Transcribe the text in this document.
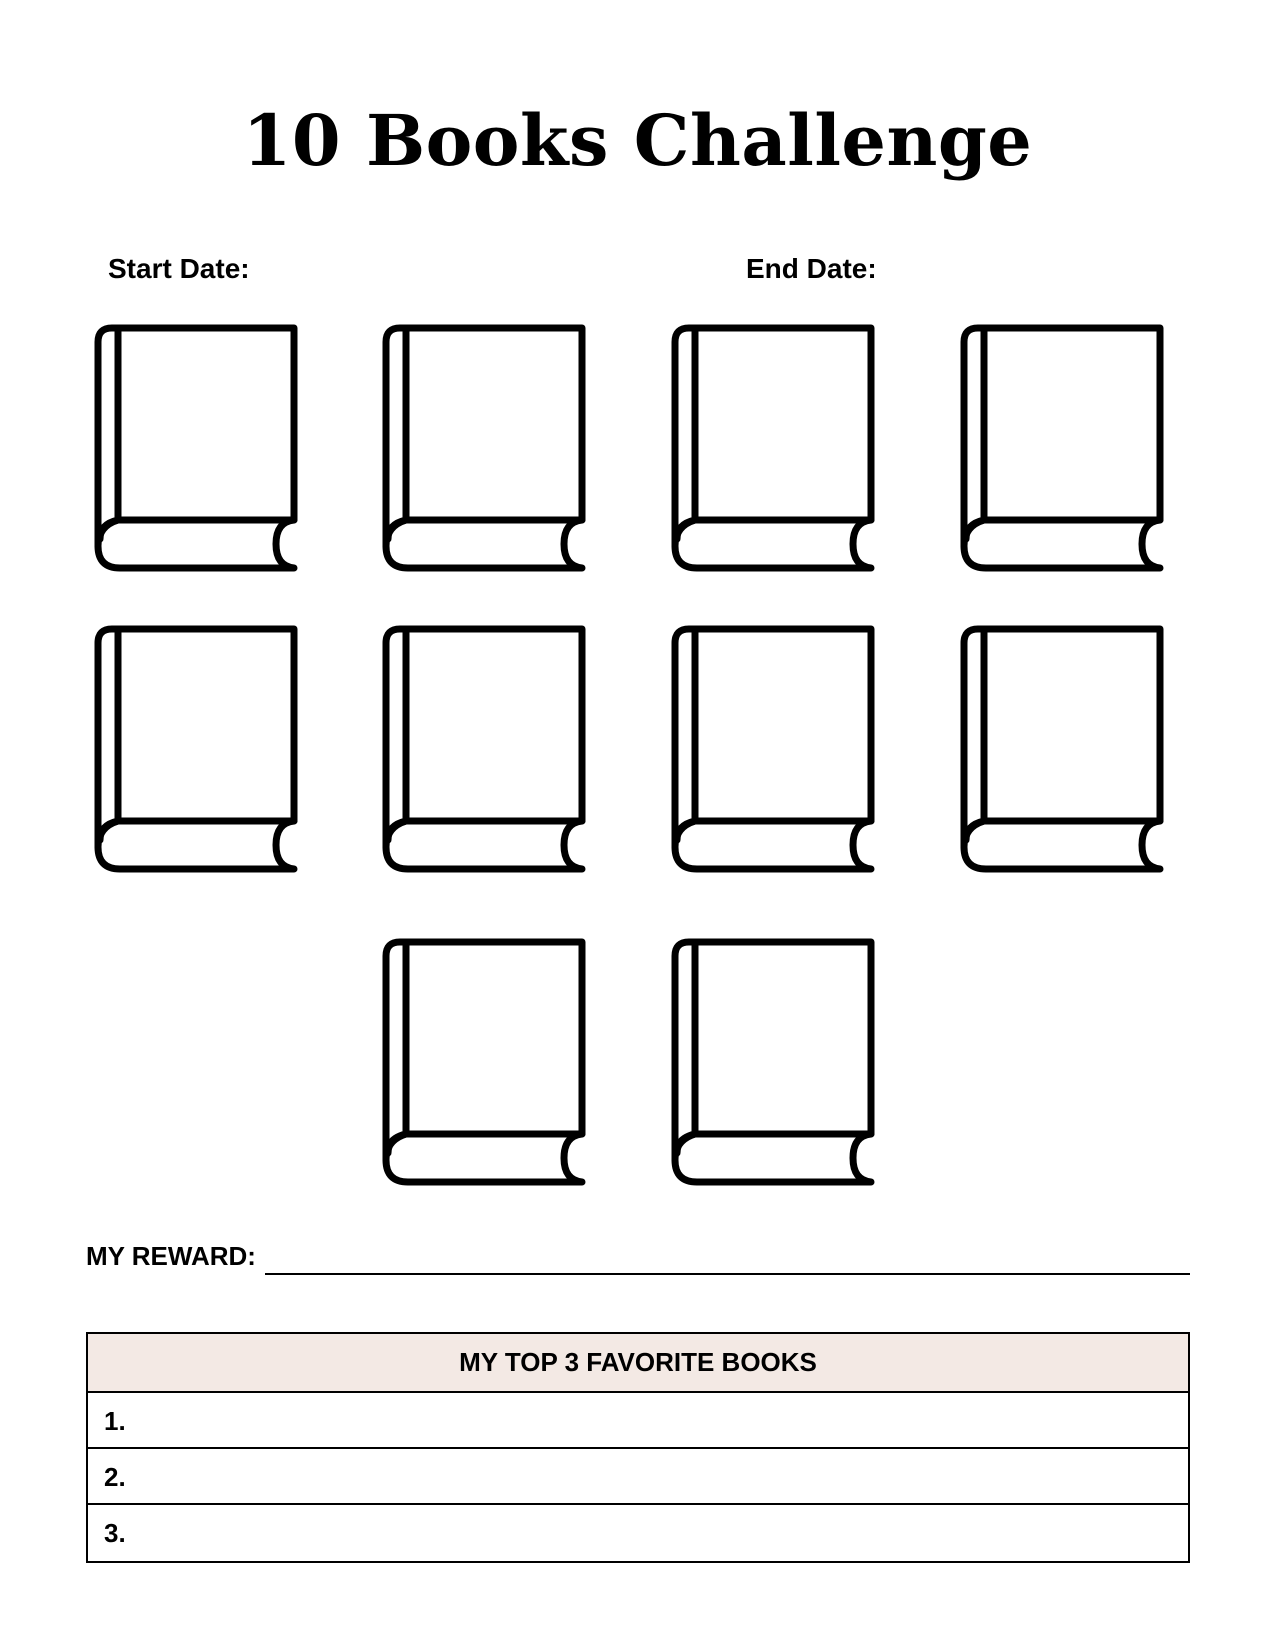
10 Books Challenge
Start Date:	End Date:
MY REWARD:
MY TOP 3 FAVORITE BOOKS
1.
2.
3.
